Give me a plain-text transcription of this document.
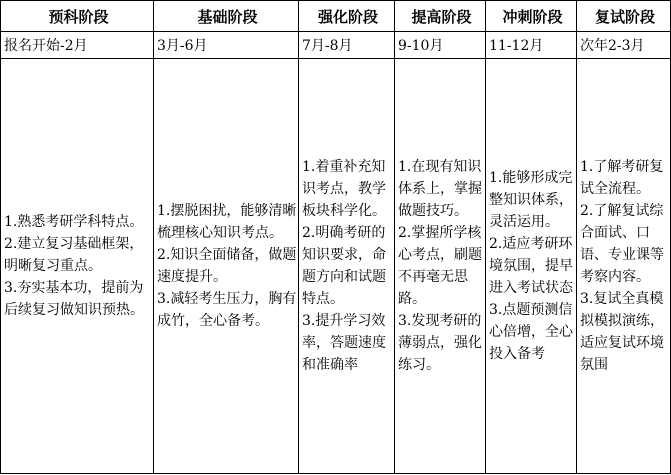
预科阶段	基础阶段	强化阶段	提高阶段	冲刺阶段	复试阶段
报名开始-2月	3月-6月	7月-8月	9-10月	11-12月	次年2-3月

1.熟悉考研学科特点。
2.建立复习基础框架，明晰复习重点。
3.夯实基本功，提前为后续复习做知识预热。	1.摆脱困扰，能够清晰梳理核心知识考点。
2.知识全面储备，做题速度提升。
3.减轻考生压力，胸有成竹，全心备考。	1.着重补充知识考点，教学板块科学化。
2.明确考研的知识要求，命题方向和试题特点。
3.提升学习效率，答题速度和准确率	1.在现有知识体系上，掌握做题技巧。
2.掌握所学核心考点，刷题不再毫无思路。
3.发现考研的薄弱点，强化练习。	1.能够形成完整知识体系，灵活运用。
2.适应考研环境氛围，提早进入考试状态
3.点题预测信心倍增，全心投入备考	1.了解考研复试全流程。
2.了解复试综合面试、口语、专业课等考察内容。
3.复试全真模拟模拟演练，适应复试环境氛围
